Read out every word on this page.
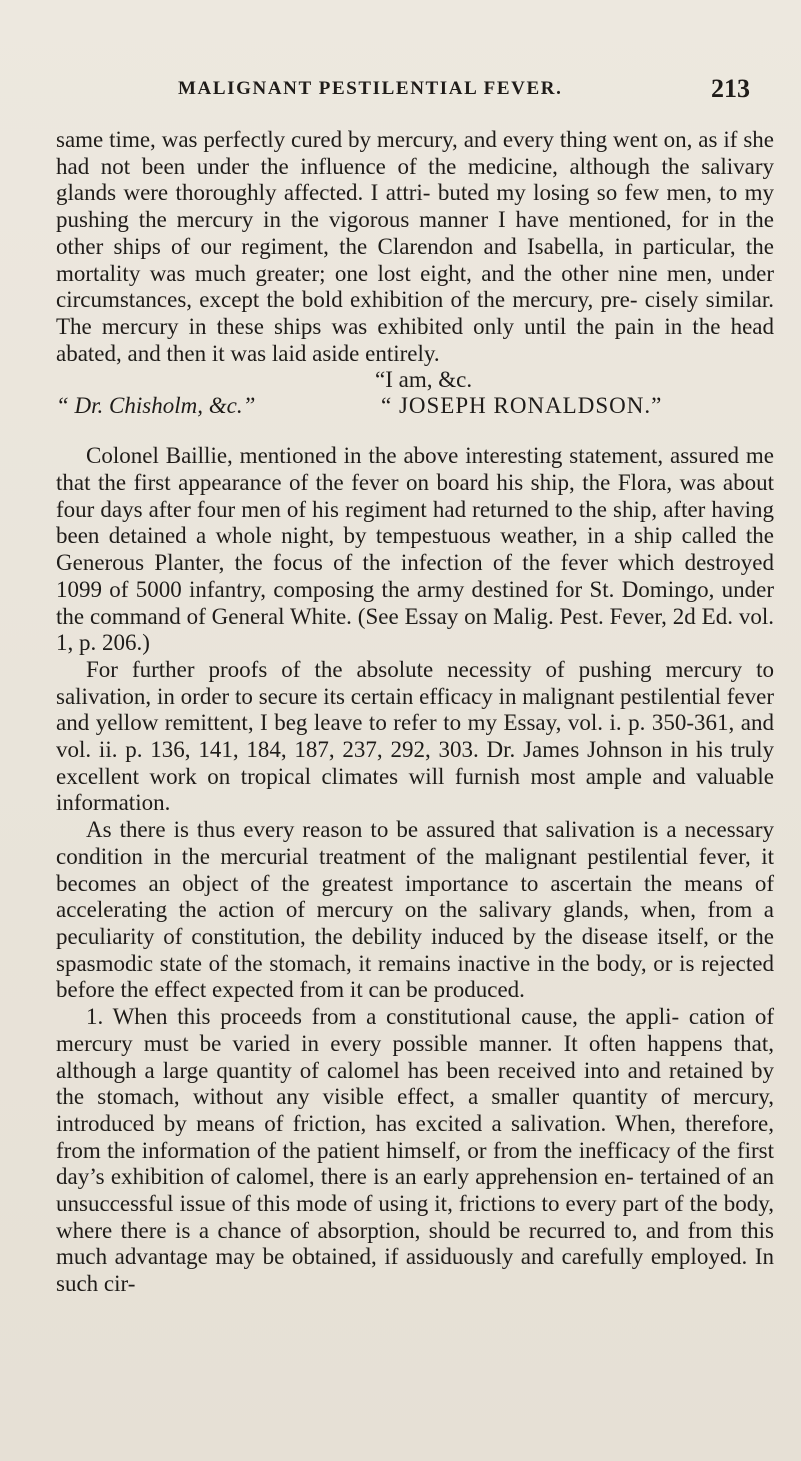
MALIGNANT PESTILENTIAL FEVER.	213

same time, was perfectly cured by mercury, and every thing went on, as if she had not been under the influence of the medicine, although the salivary glands were thoroughly affected. I attri- buted my losing so few men, to my pushing the mercury in the vigorous manner I have mentioned, for in the other ships of our regiment, the Clarendon and Isabella, in particular, the mortality was much greater; one lost eight, and the other nine men, under circumstances, except the bold exhibition of the mercury, pre- cisely similar. The mercury in these ships was exhibited only until the pain in the head abated, and then it was laid aside entirely.

“I am, &c.
“ Dr. Chisholm, &c.”	“ JOSEPH RONALDSON.”

Colonel Baillie, mentioned in the above interesting statement, assured me that the first appearance of the fever on board his ship, the Flora, was about four days after four men of his regiment had returned to the ship, after having been detained a whole night, by tempestuous weather, in a ship called the Generous Planter, the focus of the infection of the fever which destroyed 1099 of 5000 infantry, composing the army destined for St. Domingo, under the command of General White. (See Essay on Malig. Pest. Fever, 2d Ed. vol. 1, p. 206.)

For further proofs of the absolute necessity of pushing mercury to salivation, in order to secure its certain efficacy in malignant pestilential fever and yellow remittent, I beg leave to refer to my Essay, vol. i. p. 350-361, and vol. ii. p. 136, 141, 184, 187, 237, 292, 303. Dr. James Johnson in his truly excellent work on tropical climates will furnish most ample and valuable information.

As there is thus every reason to be assured that salivation is a necessary condition in the mercurial treatment of the malignant pestilential fever, it becomes an object of the greatest importance to ascertain the means of accelerating the action of mercury on the salivary glands, when, from a peculiarity of constitution, the debility induced by the disease itself, or the spasmodic state of the stomach, it remains inactive in the body, or is rejected before the effect expected from it can be produced.

1. When this proceeds from a constitutional cause, the appli- cation of mercury must be varied in every possible manner. It often happens that, although a large quantity of calomel has been received into and retained by the stomach, without any visible effect, a smaller quantity of mercury, introduced by means of friction, has excited a salivation. When, therefore, from the information of the patient himself, or from the inefficacy of the first day’s exhibition of calomel, there is an early apprehension en- tertained of an unsuccessful issue of this mode of using it, frictions to every part of the body, where there is a chance of absorption, should be recurred to, and from this much advantage may be obtained, if assiduously and carefully employed. In such cir-
